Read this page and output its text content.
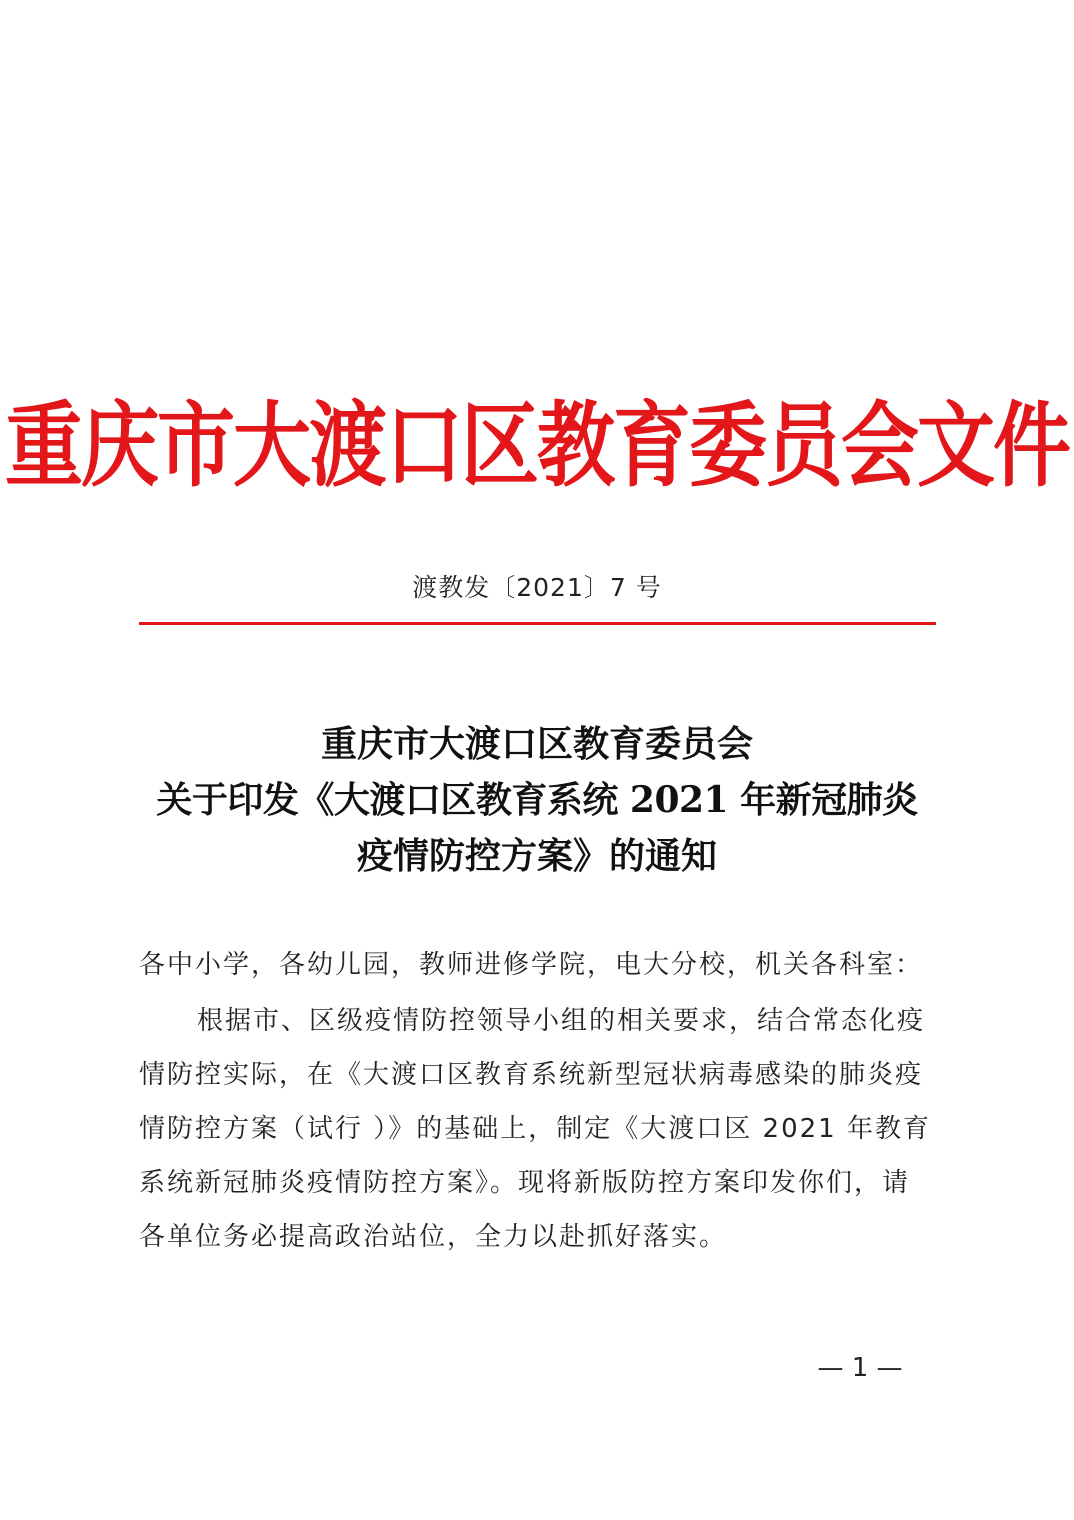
重庆市大渡口区教育委员会文件
渡教发〔2021〕7 号
重庆市大渡口区教育委员会
关于印发《大渡口区教育系统 2021 年新冠肺炎
疫情防控方案》的通知
各中小学，各幼儿园，教师进修学院，电大分校，机关各科室：
根据市、区级疫情防控领导小组的相关要求，结合常态化疫
情防控实际，在《大渡口区教育系统新型冠状病毒感染的肺炎疫
情防控方案（试行 ）》的基础上，制定《大渡口区 2021 年教育
系统新冠肺炎疫情防控方案》。现将新版防控方案印发你们，请
各单位务必提高政治站位，全力以赴抓好落实。
— 1 —
